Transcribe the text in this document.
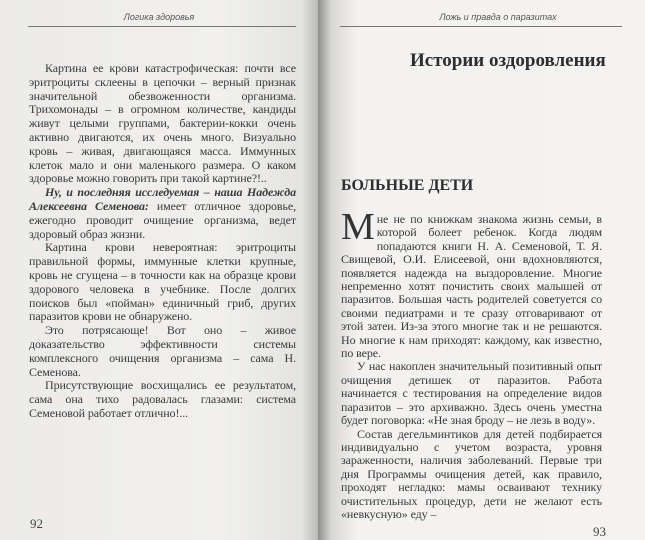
Логика здоровья

Картина ее крови катастрофическая: почти все эритроциты склеены в цепочки – верный признак значительной обезвоженности организма. Трихомонады – в огромном количестве, кандиды живут целыми группами, бактерии-кокки очень активно двигаются, их очень много. Визуально кровь – живая, двигающаяся масса. Иммунных клеток мало и они маленького размера. О каком здоровье можно говорить при такой картине?!..

Ну, и последняя исследуемая – наша Надежда Алексеевна Семенова: имеет отличное здоровье, ежегодно проводит очищение организма, ведет здоровый образ жизни.

Картина крови невероятная: эритроциты правильной формы, иммунные клетки крупные, кровь не сгущена – в точности как на образце крови здорового человека в учебнике. После долгих поисков был «пойман» единичный гриб, других паразитов крови не обнаружено.

Это потрясающе! Вот оно – живое доказательство эффективности системы комплексного очищения организма – сама Н. Семенова.

Присутствующие восхищались ее результатом, сама она тихо радовалась глазами: система Семеновой работает отлично!...

92
Ложь и правда о паразитах
Истории оздоровления
БОЛЬНЫЕ ДЕТИ

Мне не по книжкам знакома жизнь семьи, в которой болеет ребенок. Когда людям попадаются книги Н. А. Семеновой, Т. Я. Свищевой, О.И. Елисеевой, они вдохновляются, появляется надежда на выздоровление. Многие непременно хотят почистить своих малышей от паразитов. Большая часть родителей советуется со своими педиатрами и те сразу отговаривают от этой затеи. Из-за этого многие так и не решаются. Но многие к нам приходят: каждому, как известно, по вере.

У нас накоплен значительный позитивный опыт очищения детишек от паразитов. Работа начинается с тестирования на определение видов паразитов – это архиважно. Здесь очень уместна будет поговорка: «Не зная броду – не лезь в воду».

Состав дегельминтиков для детей подбирается индивидуально с учетом возраста, уровня зараженности, наличия заболеваний. Первые три дня Программы очищения детей, как правило, проходят негладко: мамы осваивают технику очистительных процедур, дети не желают есть «невкусную» еду –

93
